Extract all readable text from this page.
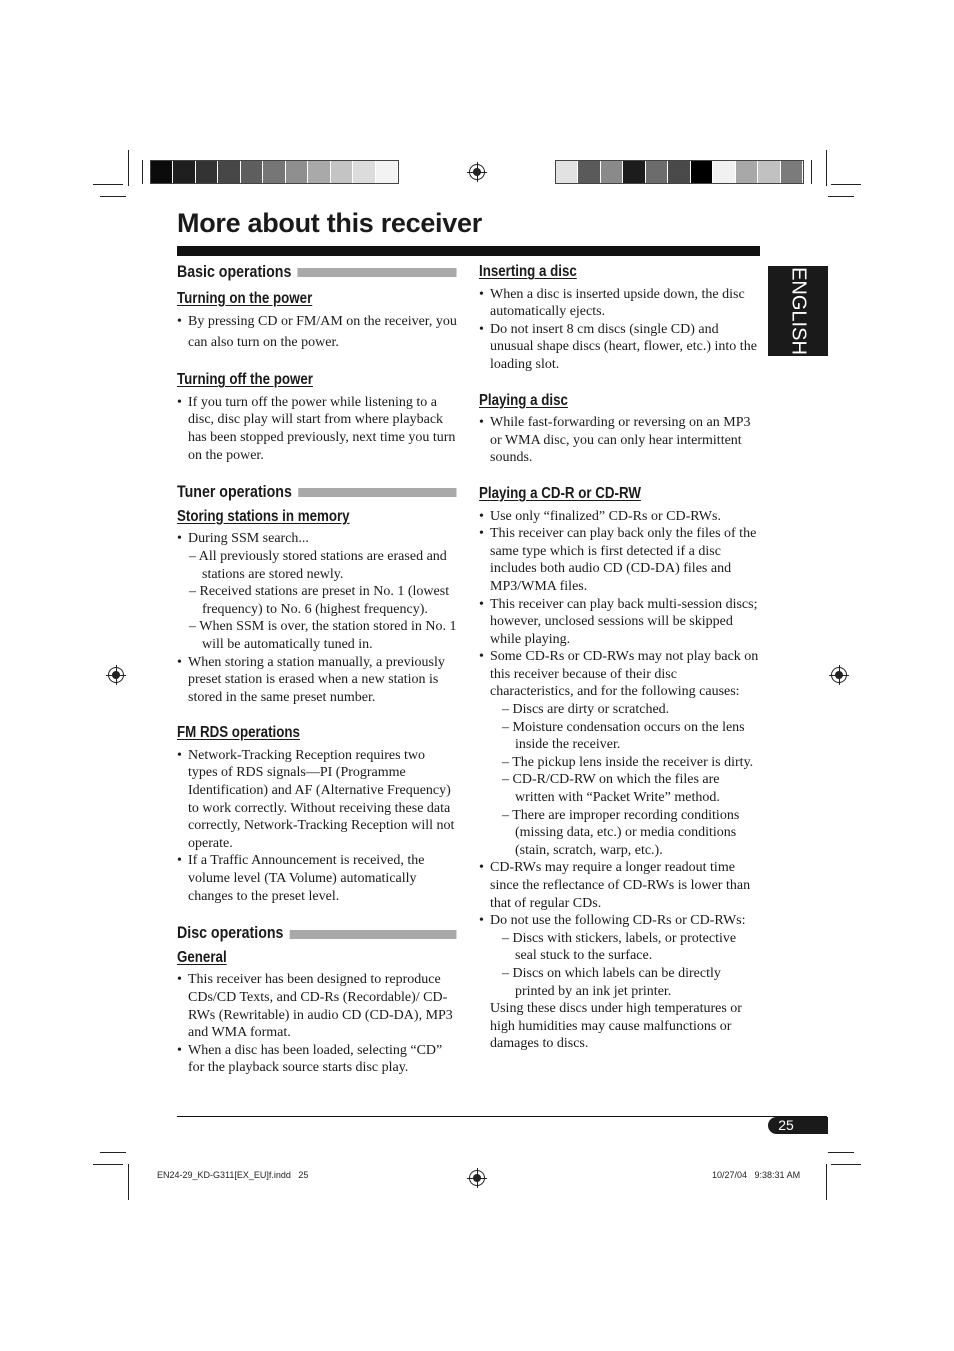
More about this receiver
ENGLISH
Basic operations
Turning on the power
• By pressing CD or FM/AM on the receiver, you can also turn on the power.
Turning off the power
• If you turn off the power while listening to a disc, disc play will start from where playback has been stopped previously, next time you turn on the power.
Tuner operations
Storing stations in memory
• During SSM search...
– All previously stored stations are erased and stations are stored newly.
– Received stations are preset in No. 1 (lowest frequency) to No. 6 (highest frequency).
– When SSM is over, the station stored in No. 1 will be automatically tuned in.
• When storing a station manually, a previously preset station is erased when a new station is stored in the same preset number.
FM RDS operations
• Network-Tracking Reception requires two types of RDS signals—PI (Programme Identification) and AF (Alternative Frequency) to work correctly. Without receiving these data correctly, Network-Tracking Reception will not operate.
• If a Traffic Announcement is received, the volume level (TA Volume) automatically changes to the preset level.
Disc operations
General
• This receiver has been designed to reproduce CDs/CD Texts, and CD-Rs (Recordable)/ CD-RWs (Rewritable) in audio CD (CD-DA), MP3 and WMA format.
• When a disc has been loaded, selecting “CD” for the playback source starts disc play.
Inserting a disc
• When a disc is inserted upside down, the disc automatically ejects.
• Do not insert 8 cm discs (single CD) and unusual shape discs (heart, flower, etc.) into the loading slot.
Playing a disc
• While fast-forwarding or reversing on an MP3 or WMA disc, you can only hear intermittent sounds.
Playing a CD-R or CD-RW
• Use only “finalized” CD-Rs or CD-RWs.
• This receiver can play back only the files of the same type which is first detected if a disc includes both audio CD (CD-DA) files and MP3/WMA files.
• This receiver can play back multi-session discs; however, unclosed sessions will be skipped while playing.
• Some CD-Rs or CD-RWs may not play back on this receiver because of their disc characteristics, and for the following causes:
– Discs are dirty or scratched.
– Moisture condensation occurs on the lens inside the receiver.
– The pickup lens inside the receiver is dirty.
– CD-R/CD-RW on which the files are written with “Packet Write” method.
– There are improper recording conditions (missing data, etc.) or media conditions (stain, scratch, warp, etc.).
• CD-RWs may require a longer readout time since the reflectance of CD-RWs is lower than that of regular CDs.
• Do not use the following CD-Rs or CD-RWs:
– Discs with stickers, labels, or protective seal stuck to the surface.
– Discs on which labels can be directly printed by an ink jet printer.

Using these discs under high temperatures or high humidities may cause malfunctions or damages to discs.

25
EN24-29_KD-G311[EX_EU]f.indd   25	10/27/04   9:38:31 AM
